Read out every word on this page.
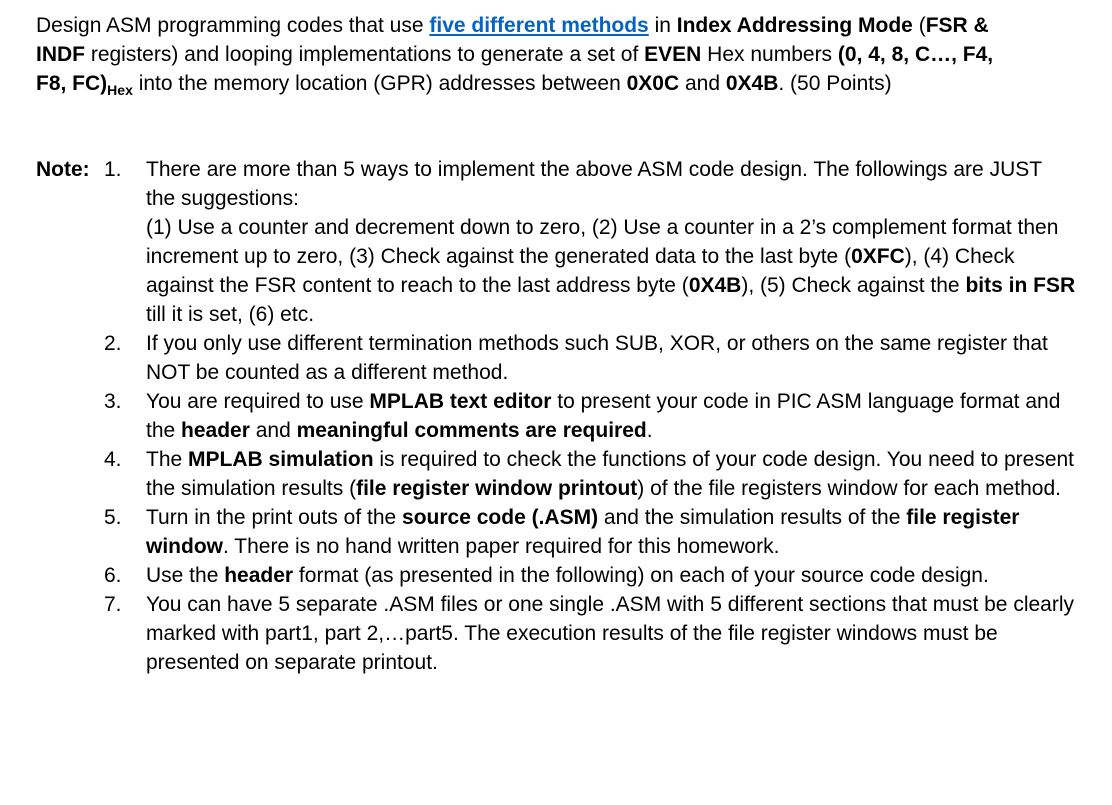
Design ASM programming codes that use five different methods in Index Addressing Mode (FSR & INDF registers) and looping implementations to generate a set of EVEN Hex numbers (0, 4, 8, C…, F4, F8, $FC)_{Hex}$ into the memory location (GPR) addresses between 0X0C and 0X4B. (50 Points)

Note: 1.	There are more than 5 ways to implement the above ASM code design. The followings are JUST the suggestions:
(1) Use a counter and decrement down to zero, (2) Use a counter in a 2’s complement format then increment up to zero, (3) Check against the generated data to the last byte (0XFC), (4) Check against the FSR content to reach to the last address byte (0X4B), (5) Check against the bits in FSR till it is set, (6) etc.
2.	If you only use different termination methods such SUB, XOR, or others on the same register that NOT be counted as a different method.
3.	You are required to use MPLAB text editor to present your code in PIC ASM language format and the header and meaningful comments are required.
4.	The MPLAB simulation is required to check the functions of your code design. You need to present the simulation results (file register window printout) of the file registers window for each method.
5.	Turn in the print outs of the source code (.ASM) and the simulation results of the file register window. There is no hand written paper required for this homework.
6.	Use the header format (as presented in the following) on each of your source code design.
7.	You can have 5 separate .ASM files or one single .ASM with 5 different sections that must be clearly marked with part1, part 2,…part5. The execution results of the file register windows must be presented on separate printout.
